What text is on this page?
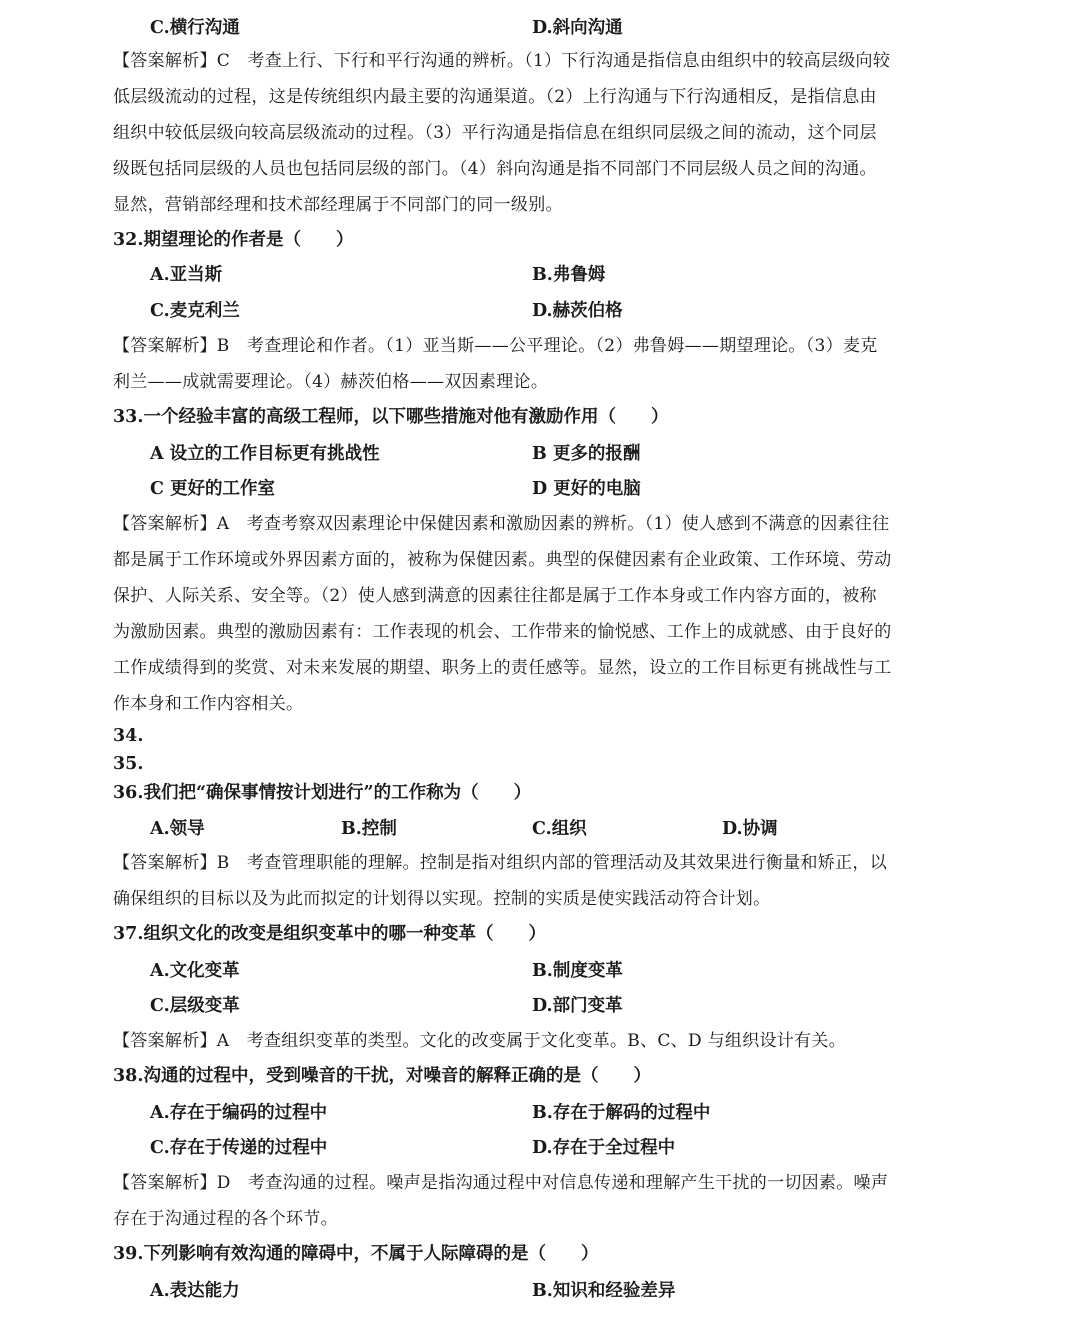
C.横行沟通	D.斜向沟通
【答案解析】C　考查上行、下行和平行沟通的辨析。（1）下行沟通是指信息由组织中的较高层级向较
低层级流动的过程，这是传统组织内最主要的沟通渠道。（2）上行沟通与下行沟通相反，是指信息由
组织中较低层级向较高层级流动的过程。（3）平行沟通是指信息在组织同层级之间的流动，这个同层
级既包括同层级的人员也包括同层级的部门。（4）斜向沟通是指不同部门不同层级人员之间的沟通。
显然，营销部经理和技术部经理属于不同部门的同一级别。
32.期望理论的作者是（　　）
A.亚当斯	B.弗鲁姆
C.麦克利兰	D.赫茨伯格
【答案解析】B　考查理论和作者。（1）亚当斯——公平理论。（2）弗鲁姆——期望理论。（3）麦克
利兰——成就需要理论。（4）赫茨伯格——双因素理论。
33.一个经验丰富的高级工程师，以下哪些措施对他有激励作用（　　）
A 设立的工作目标更有挑战性	B 更多的报酬
C 更好的工作室	D 更好的电脑
【答案解析】A　考查考察双因素理论中保健因素和激励因素的辨析。（1）使人感到不满意的因素往往
都是属于工作环境或外界因素方面的，被称为保健因素。典型的保健因素有企业政策、工作环境、劳动
保护、人际关系、安全等。（2）使人感到满意的因素往往都是属于工作本身或工作内容方面的，被称
为激励因素。典型的激励因素有：工作表现的机会、工作带来的愉悦感、工作上的成就感、由于良好的
工作成绩得到的奖赏、对未来发展的期望、职务上的责任感等。显然，设立的工作目标更有挑战性与工
作本身和工作内容相关。
34.
35.
36.我们把“确保事情按计划进行”的工作称为（　　）
A.领导	B.控制	C.组织	D.协调
【答案解析】B　考查管理职能的理解。控制是指对组织内部的管理活动及其效果进行衡量和矫正，以
确保组织的目标以及为此而拟定的计划得以实现。控制的实质是使实践活动符合计划。
37.组织文化的改变是组织变革中的哪一种变革（　　）
A.文化变革	B.制度变革
C.层级变革	D.部门变革
【答案解析】A　考查组织变革的类型。文化的改变属于文化变革。B、C、D 与组织设计有关。
38.沟通的过程中，受到噪音的干扰，对噪音的解释正确的是（　　）
A.存在于编码的过程中	B.存在于解码的过程中
C.存在于传递的过程中	D.存在于全过程中
【答案解析】D　考查沟通的过程。噪声是指沟通过程中对信息传递和理解产生干扰的一切因素。噪声
存在于沟通过程的各个环节。
39.下列影响有效沟通的障碍中，不属于人际障碍的是（　　）
A.表达能力	B.知识和经验差异
